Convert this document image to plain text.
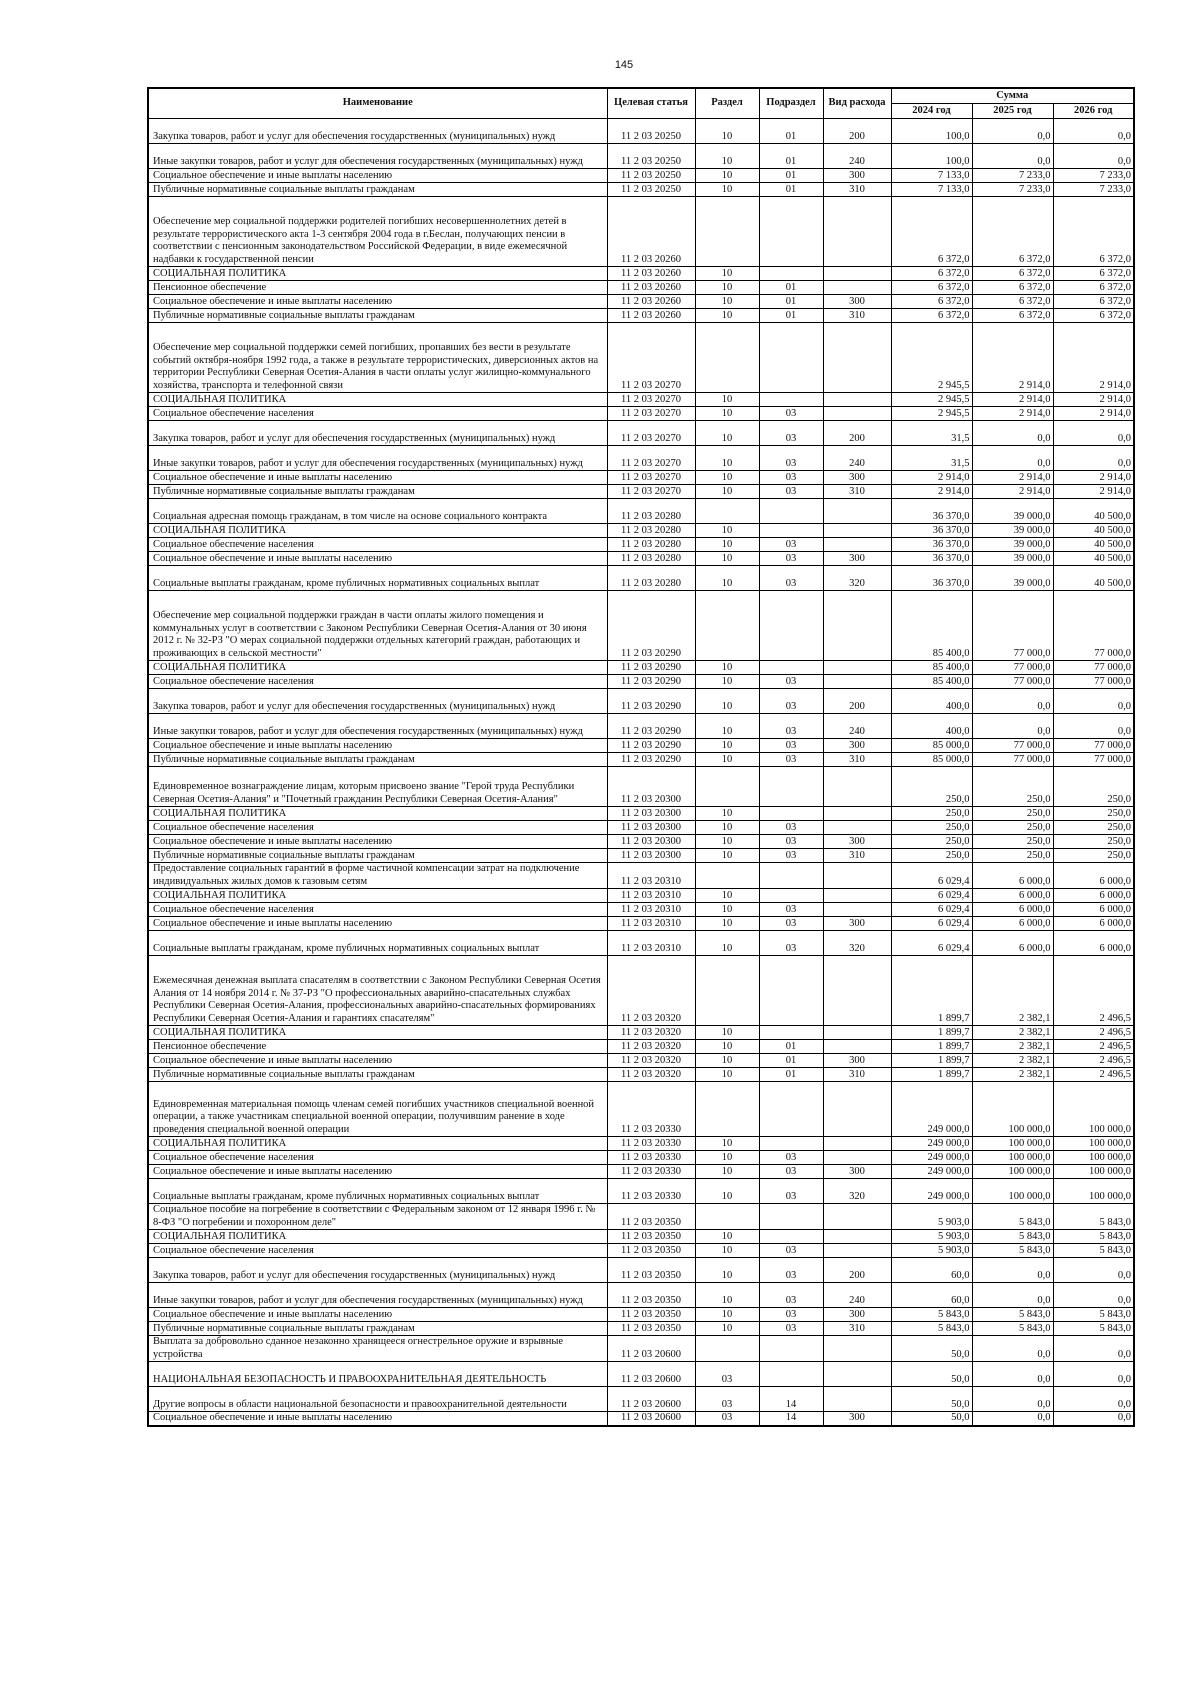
145
Наименование	Целевая статья	Раздел	Подраздел	Вид расхода	Сумма		
					2024 год	2025 год	2026 год
Закупка товаров, работ и услуг для обеспечения государственных (муниципальных) нужд	11 2 03 20250	10	01	200	100,0	0,0	0,0
Иные закупки товаров, работ и услуг для обеспечения государственных (муниципальных) нужд	11 2 03 20250	10	01	240	100,0	0,0	0,0
Социальное обеспечение и иные выплаты населению	11 2 03 20250	10	01	300	7 133,0	7 233,0	7 233,0
Публичные нормативные социальные выплаты гражданам	11 2 03 20250	10	01	310	7 133,0	7 233,0	7 233,0
Обеспечение мер социальной поддержки родителей погибших несовершеннолетних детей в результате террористического акта 1-3 сентября 2004 года в г.Беслан, получающих пенсии в соответствии с пенсионным законодательством Российской Федерации, в виде ежемесячной надбавки к государственной пенсии	11 2 03 20260				6 372,0	6 372,0	6 372,0
СОЦИАЛЬНАЯ ПОЛИТИКА	11 2 03 20260	10			6 372,0	6 372,0	6 372,0
Пенсионное обеспечение	11 2 03 20260	10	01		6 372,0	6 372,0	6 372,0
Социальное обеспечение и иные выплаты населению	11 2 03 20260	10	01	300	6 372,0	6 372,0	6 372,0
Публичные нормативные социальные выплаты гражданам	11 2 03 20260	10	01	310	6 372,0	6 372,0	6 372,0
Обеспечение мер социальной поддержки семей погибших, пропавших без вести в результате событий октября-ноября 1992 года, а также в результате террористических, диверсионных актов на территории Республики Северная Осетия-Алания в части оплаты услуг жилищно-коммунального хозяйства, транспорта и телефонной связи	11 2 03 20270				2 945,5	2 914,0	2 914,0
СОЦИАЛЬНАЯ ПОЛИТИКА	11 2 03 20270	10			2 945,5	2 914,0	2 914,0
Социальное обеспечение населения	11 2 03 20270	10	03		2 945,5	2 914,0	2 914,0
Закупка товаров, работ и услуг для обеспечения государственных (муниципальных) нужд	11 2 03 20270	10	03	200	31,5	0,0	0,0
Иные закупки товаров, работ и услуг для обеспечения государственных (муниципальных) нужд	11 2 03 20270	10	03	240	31,5	0,0	0,0
Социальное обеспечение и иные выплаты населению	11 2 03 20270	10	03	300	2 914,0	2 914,0	2 914,0
Публичные нормативные социальные выплаты гражданам	11 2 03 20270	10	03	310	2 914,0	2 914,0	2 914,0
Социальная адресная помощь гражданам, в том числе на основе социального контракта	11 2 03 20280				36 370,0	39 000,0	40 500,0
СОЦИАЛЬНАЯ ПОЛИТИКА	11 2 03 20280	10			36 370,0	39 000,0	40 500,0
Социальное обеспечение населения	11 2 03 20280	10	03		36 370,0	39 000,0	40 500,0
Социальное обеспечение и иные выплаты населению	11 2 03 20280	10	03	300	36 370,0	39 000,0	40 500,0
Социальные выплаты гражданам, кроме публичных нормативных социальных выплат	11 2 03 20280	10	03	320	36 370,0	39 000,0	40 500,0
Обеспечение мер социальной поддержки граждан в части оплаты жилого помещения и коммунальных услуг в соответствии с Законом Республики Северная Осетия-Алания от 30 июня 2012 г. № 32-РЗ "О мерах социальной поддержки отдельных категорий граждан, работающих и проживающих в сельской местности"	11 2 03 20290				85 400,0	77 000,0	77 000,0
СОЦИАЛЬНАЯ ПОЛИТИКА	11 2 03 20290	10			85 400,0	77 000,0	77 000,0
Социальное обеспечение населения	11 2 03 20290	10	03		85 400,0	77 000,0	77 000,0
Закупка товаров, работ и услуг для обеспечения государственных (муниципальных) нужд	11 2 03 20290	10	03	200	400,0	0,0	0,0
Иные закупки товаров, работ и услуг для обеспечения государственных (муниципальных) нужд	11 2 03 20290	10	03	240	400,0	0,0	0,0
Социальное обеспечение и иные выплаты населению	11 2 03 20290	10	03	300	85 000,0	77 000,0	77 000,0
Публичные нормативные социальные выплаты гражданам	11 2 03 20290	10	03	310	85 000,0	77 000,0	77 000,0
Единовременное вознаграждение лицам, которым присвоено звание "Герой труда Республики Северная Осетия-Алания" и "Почетный гражданин Республики Северная Осетия-Алания"	11 2 03 20300				250,0	250,0	250,0
СОЦИАЛЬНАЯ ПОЛИТИКА	11 2 03 20300	10			250,0	250,0	250,0
Социальное обеспечение населения	11 2 03 20300	10	03		250,0	250,0	250,0
Социальное обеспечение и иные выплаты населению	11 2 03 20300	10	03	300	250,0	250,0	250,0
Публичные нормативные социальные выплаты гражданам	11 2 03 20300	10	03	310	250,0	250,0	250,0
Предоставление социальных гарантий в форме частичной компенсации затрат на подключение индивидуальных жилых домов к газовым сетям	11 2 03 20310				6 029,4	6 000,0	6 000,0
СОЦИАЛЬНАЯ ПОЛИТИКА	11 2 03 20310	10			6 029,4	6 000,0	6 000,0
Социальное обеспечение населения	11 2 03 20310	10	03		6 029,4	6 000,0	6 000,0
Социальное обеспечение и иные выплаты населению	11 2 03 20310	10	03	300	6 029,4	6 000,0	6 000,0
Социальные выплаты гражданам, кроме публичных нормативных социальных выплат	11 2 03 20310	10	03	320	6 029,4	6 000,0	6 000,0
Ежемесячная денежная выплата спасателям в соответствии с Законом Республики Северная Осетия Алания от 14 ноября 2014 г. № 37-РЗ "О профессиональных аварийно-спасательных службах Республики Северная Осетия-Алания, профессиональных аварийно-спасательных формированиях Республики Северная Осетия-Алания и гарантиях спасателям"	11 2 03 20320				1 899,7	2 382,1	2 496,5
СОЦИАЛЬНАЯ ПОЛИТИКА	11 2 03 20320	10			1 899,7	2 382,1	2 496,5
Пенсионное обеспечение	11 2 03 20320	10	01		1 899,7	2 382,1	2 496,5
Социальное обеспечение и иные выплаты населению	11 2 03 20320	10	01	300	1 899,7	2 382,1	2 496,5
Публичные нормативные социальные выплаты гражданам	11 2 03 20320	10	01	310	1 899,7	2 382,1	2 496,5
Единовременная материальная помощь членам семей погибших участников специальной военной операции, а также участникам специальной военной операции, получившим ранение в ходе проведения специальной военной операции	11 2 03 20330				249 000,0	100 000,0	100 000,0
СОЦИАЛЬНАЯ ПОЛИТИКА	11 2 03 20330	10			249 000,0	100 000,0	100 000,0
Социальное обеспечение населения	11 2 03 20330	10	03		249 000,0	100 000,0	100 000,0
Социальное обеспечение и иные выплаты населению	11 2 03 20330	10	03	300	249 000,0	100 000,0	100 000,0
Социальные выплаты гражданам, кроме публичных нормативных социальных выплат	11 2 03 20330	10	03	320	249 000,0	100 000,0	100 000,0
Социальное пособие на погребение в соответствии с Федеральным законом от 12 января 1996 г. № 8-ФЗ "О погребении и похоронном деле"	11 2 03 20350				5 903,0	5 843,0	5 843,0
СОЦИАЛЬНАЯ ПОЛИТИКА	11 2 03 20350	10			5 903,0	5 843,0	5 843,0
Социальное обеспечение населения	11 2 03 20350	10	03		5 903,0	5 843,0	5 843,0
Закупка товаров, работ и услуг для обеспечения государственных (муниципальных) нужд	11 2 03 20350	10	03	200	60,0	0,0	0,0
Иные закупки товаров, работ и услуг для обеспечения государственных (муниципальных) нужд	11 2 03 20350	10	03	240	60,0	0,0	0,0
Социальное обеспечение и иные выплаты населению	11 2 03 20350	10	03	300	5 843,0	5 843,0	5 843,0
Публичные нормативные социальные выплаты гражданам	11 2 03 20350	10	03	310	5 843,0	5 843,0	5 843,0
Выплата за добровольно сданное незаконно хранящееся огнестрельное оружие и взрывные устройства	11 2 03 20600				50,0	0,0	0,0
НАЦИОНАЛЬНАЯ БЕЗОПАСНОСТЬ И ПРАВООХРАНИТЕЛЬНАЯ ДЕЯТЕЛЬНОСТЬ	11 2 03 20600	03			50,0	0,0	0,0
Другие вопросы в области национальной безопасности и правоохранительной деятельности	11 2 03 20600	03	14		50,0	0,0	0,0
Социальное обеспечение и иные выплаты населению	11 2 03 20600	03	14	300	50,0	0,0	0,0
